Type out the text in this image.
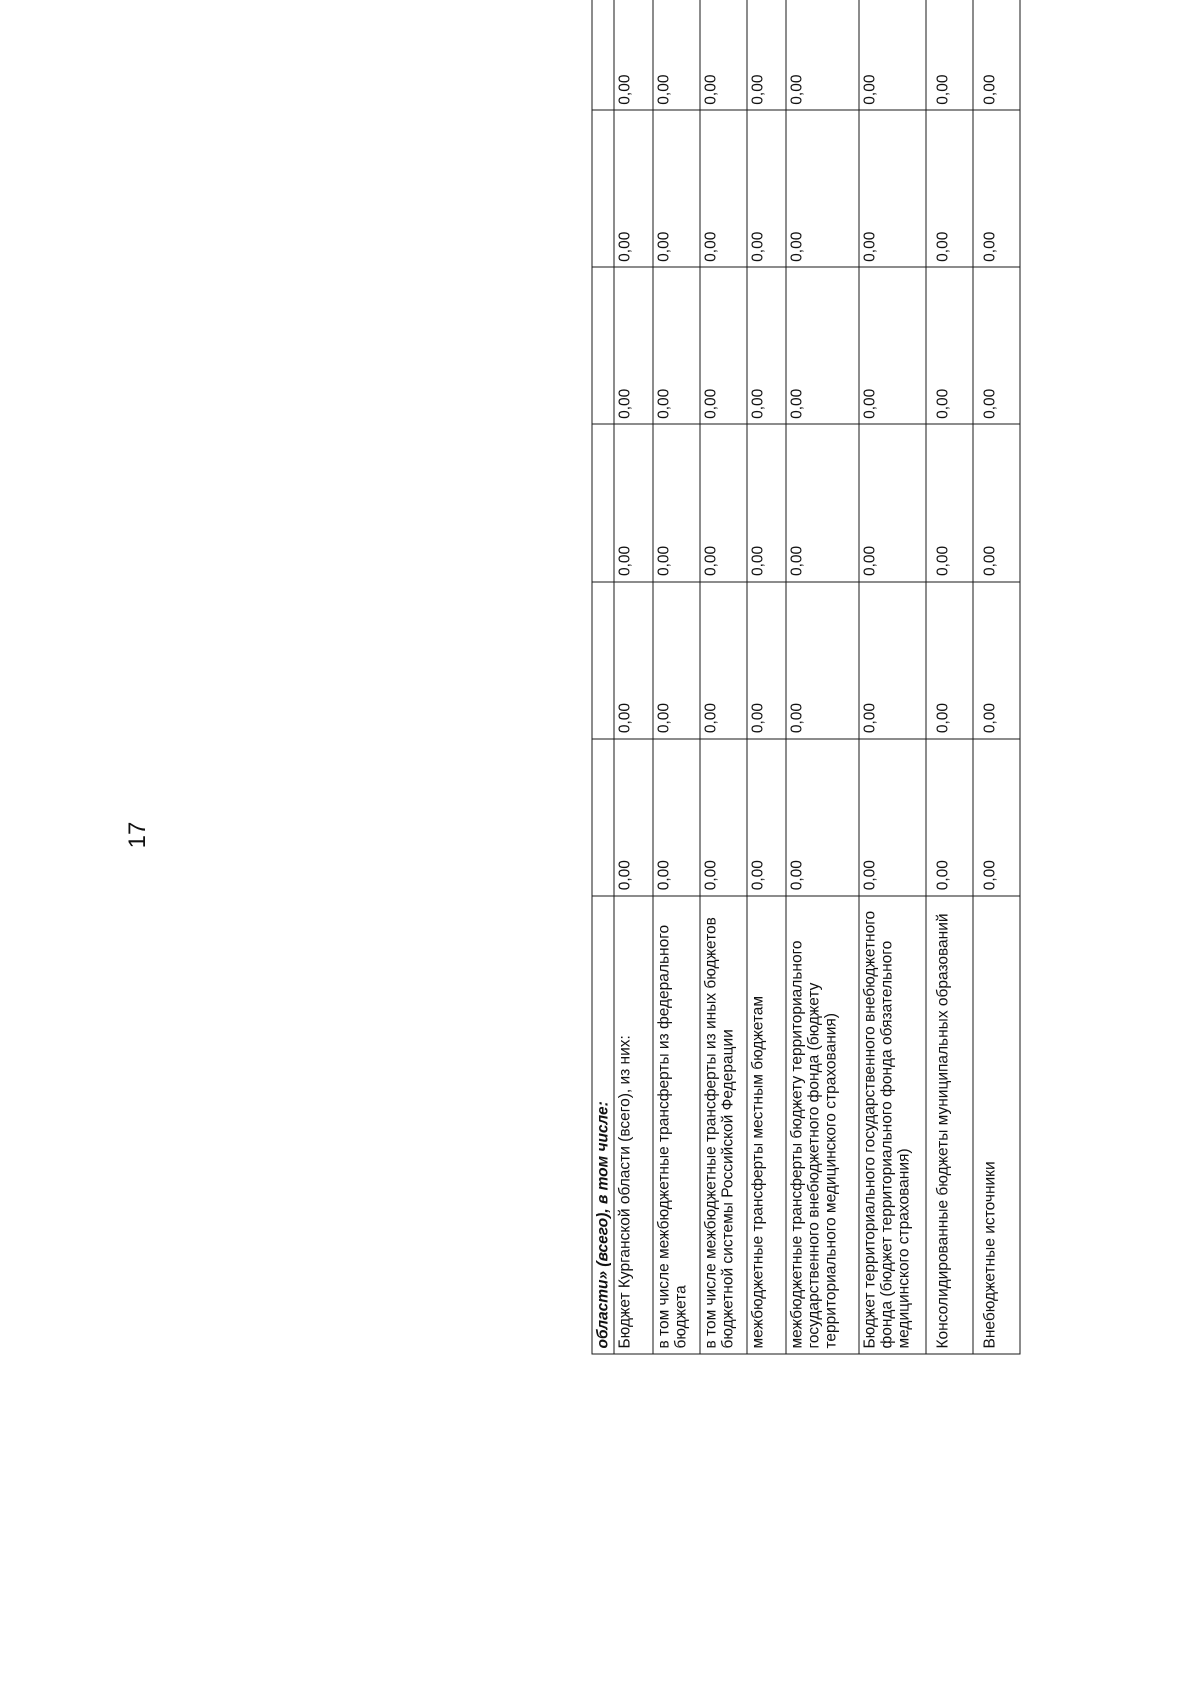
17
области» (всего), в том числе:							

Бюджет Курганской области (всего), из них:	0,00	0,00	0,00	0,00	0,00	0,00

в том числе межбюджетные трансферты из федерального бюджета	0,00	0,00	0,00	0,00	0,00	0,00

в том числе межбюджетные трансферты из иных бюджетов бюджетной системы Российской Федерации	0,00	0,00	0,00	0,00	0,00	0,00

межбюджетные трансферты местным бюджетам	0,00	0,00	0,00	0,00	0,00	0,00

межбюджетные трансферты бюджету территориального государственного внебюджетного фонда (бюджету территориального медицинского страхования)	0,00	0,00	0,00	0,00	0,00	0,00

Бюджет территориального государственного внебюджетного фонда (бюджет территориального фонда обязательного медицинского страхования)	0,00	0,00	0,00	0,00	0,00	0,00

Консолидированные бюджеты муниципальных образований	0,00	0,00	0,00	0,00	0,00	0,00

Внебюджетные источники	0,00	0,00	0,00	0,00	0,00	0,00
